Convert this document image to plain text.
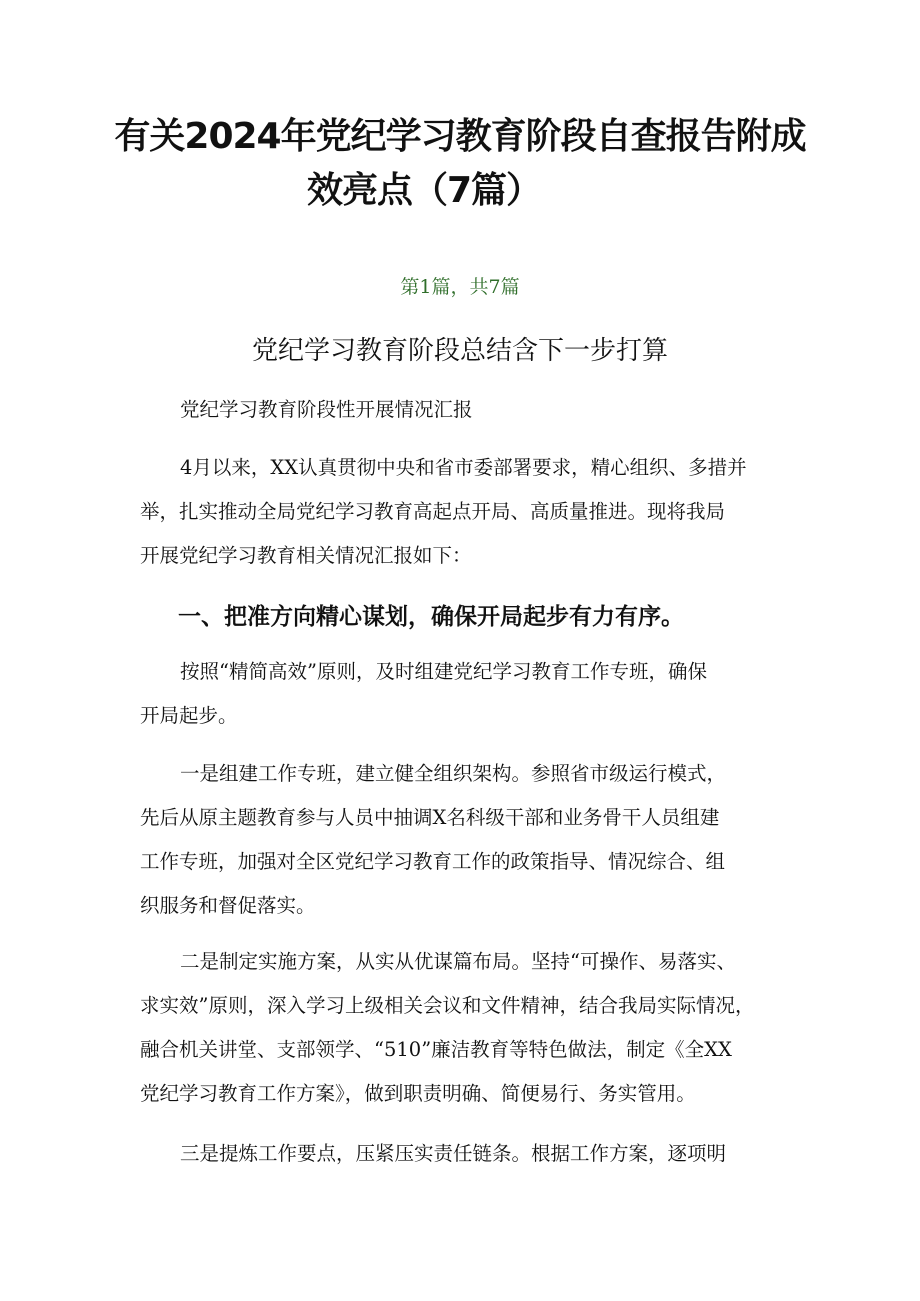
有关2024年党纪学习教育阶段自查报告附成
效亮点（7篇）
第1篇，共7篇
党纪学习教育阶段总结含下一步打算
党纪学习教育阶段性开展情况汇报
4月以来，XX认真贯彻中央和省市委部署要求，精心组织、多措并
举，扎实推动全局党纪学习教育高起点开局、高质量推进。现将我局
开展党纪学习教育相关情况汇报如下：
一、把准方向精心谋划，确保开局起步有力有序。
按照“精简高效”原则，及时组建党纪学习教育工作专班，确保
开局起步。
一是组建工作专班，建立健全组织架构。参照省市级运行模式，
先后从原主题教育参与人员中抽调X名科级干部和业务骨干人员组建
工作专班，加强对全区党纪学习教育工作的政策指导、情况综合、组
织服务和督促落实。
二是制定实施方案，从实从优谋篇布局。坚持“可操作、易落实、
求实效”原则，深入学习上级相关会议和文件精神，结合我局实际情况，
融合机关讲堂、支部领学、“510”廉洁教育等特色做法，制定《全XX
党纪学习教育工作方案》，做到职责明确、简便易行、务实管用。
三是提炼工作要点，压紧压实责任链条。根据工作方案，逐项明
